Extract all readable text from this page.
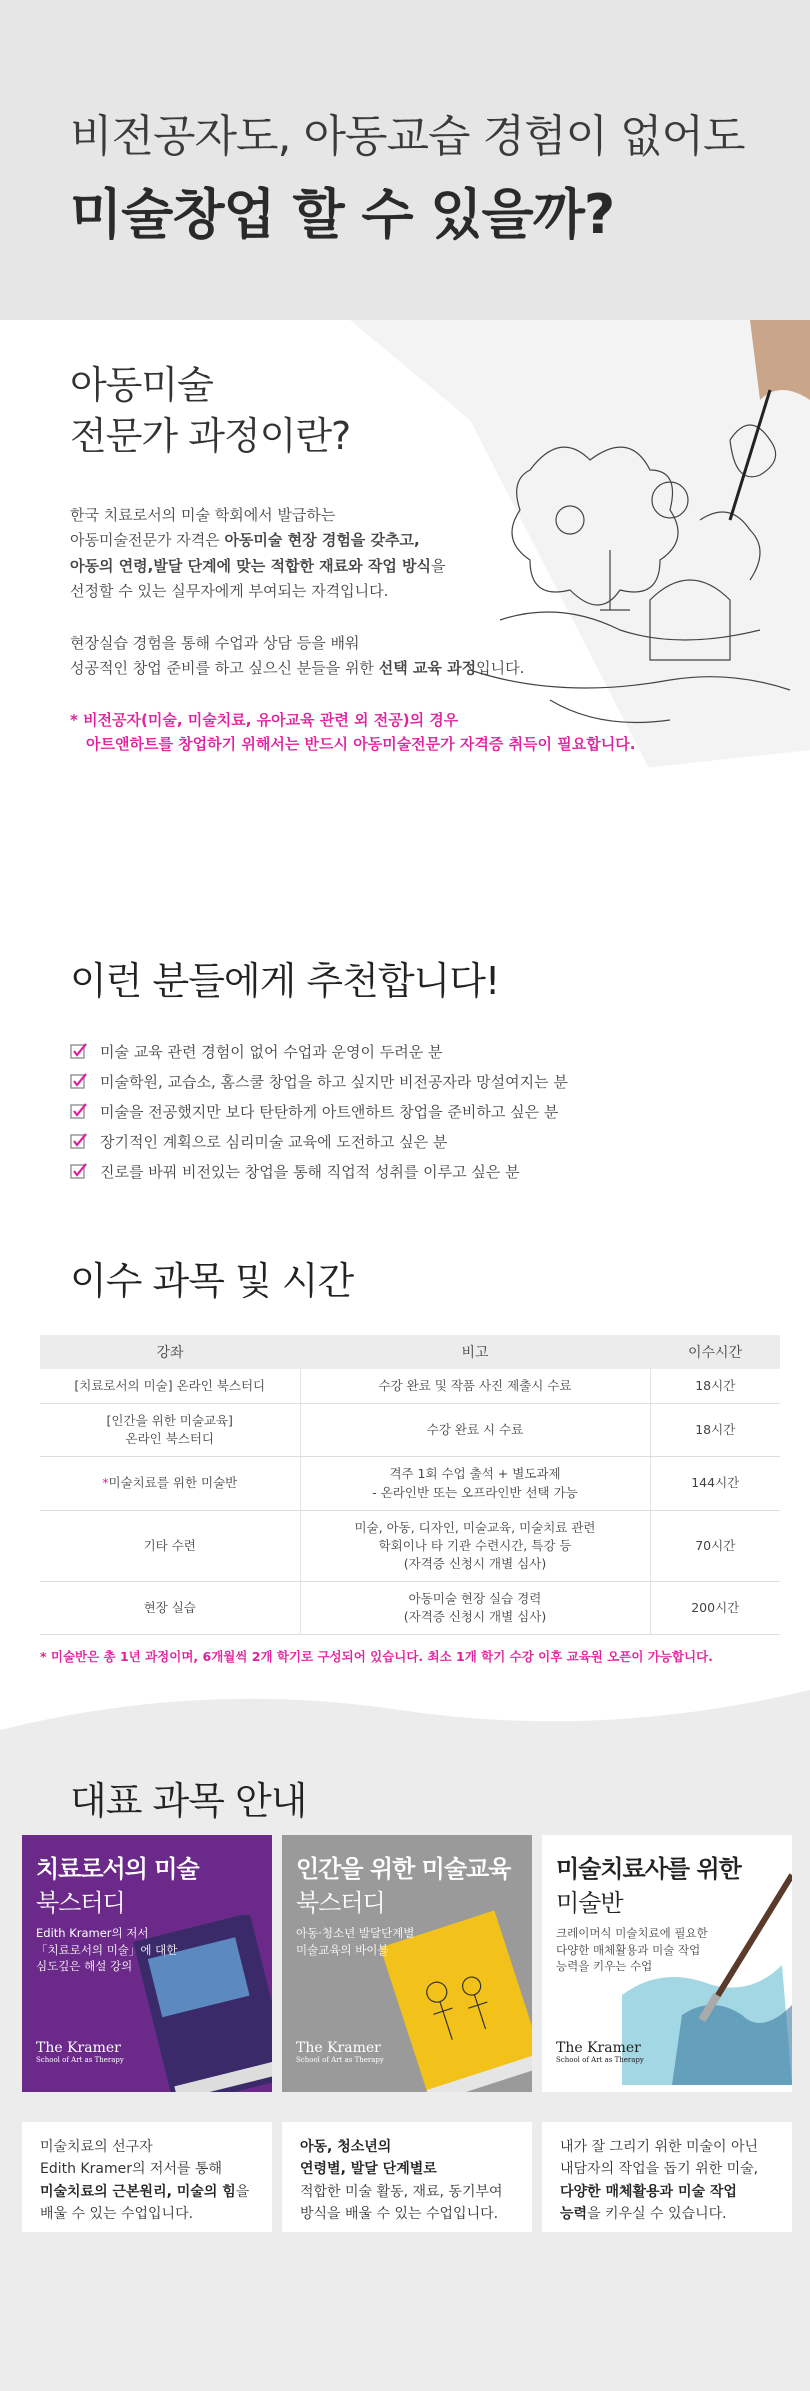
비전공자도, 아동교습 경험이 없어도
미술창업 할 수 있을까?
아동미술
전문가 과정이란?

한국 치료로서의 미술 학회에서 발급하는
아동미술전문가 자격은 아동미술 현장 경험을 갖추고,
아동의 연령,발달 단계에 맞는 적합한 재료와 작업 방식을
선정할 수 있는 실무자에게 부여되는 자격입니다.

현장실습 경험을 통해 수업과 상담 등을 배워
성공적인 창업 준비를 하고 싶으신 분들을 위한 선택 교육 과정입니다.

* 비전공자(미술, 미술치료, 유아교육 관련 외 전공)의 경우
아트앤하트를 창업하기 위해서는 반드시 아동미술전문가 자격증 취득이 필요합니다.
이런 분들에게 추천합니다!
미술 교육 관련 경험이 없어 수업과 운영이 두려운 분
미술학원, 교습소, 홈스쿨 창업을 하고 싶지만 비전공자라 망설여지는 분
미술을 전공했지만 보다 탄탄하게 아트앤하트 창업을 준비하고 싶은 분
장기적인 계획으로 심리미술 교육에 도전하고 싶은 분
진로를 바꿔 비전있는 창업을 통해 직업적 성취를 이루고 싶은 분
이수 과목 및 시간
강좌	비고	이수시간
[치료로서의 미술] 온라인 북스터디	수강 완료 및 작품 사진 제출시 수료	18시간
[인간을 위한 미술교육]
온라인 북스터디	수강 완료 시 수료	18시간
*미술치료를 위한 미술반	격주 1회 수업 출석 + 별도과제
- 온라인반 또는 오프라인반 선택 가능	144시간
기타 수련	미술, 아동, 디자인, 미술교육, 미술치료 관련
학회이나 타 기관 수련시간, 특강 등
(자격증 신청시 개별 심사)	70시간
현장 실습	아동미술 현장 실습 경력
(자격증 신청시 개별 심사)	200시간
* 미술반은 총 1년 과정이며, 6개월씩 2개 학기로 구성되어 있습니다. 최소 1개 학기 수강 이후 교육원 오픈이 가능합니다.
대표 과목 안내
치료로서의 미술
북스터디
Edith Kramer의 저서
「치료로서의 미술」에 대한
심도깊은 해설 강의
The Kramer
School of Art as Therapy
미술치료의 선구자
Edith Kramer의 저서를 통해
미술치료의 근본원리, 미술의 힘을
배울 수 있는 수업입니다.
인간을 위한 미술교육
북스터디
아동·청소년 발달단계별
미술교육의 바이블
The Kramer
School of Art as Therapy
아동, 청소년의
연령별, 발달 단계별로
적합한 미술 활동, 재료, 동기부여
방식을 배울 수 있는 수업입니다.
미술치료사를 위한
미술반
크레이머식 미술치료에 필요한
다양한 매체활용과 미술 작업
능력을 키우는 수업
The Kramer
School of Art as Therapy
내가 잘 그리기 위한 미술이 아닌
내담자의 작업을 돕기 위한 미술,
다양한 매체활용과 미술 작업
능력을 키우실 수 있습니다.
